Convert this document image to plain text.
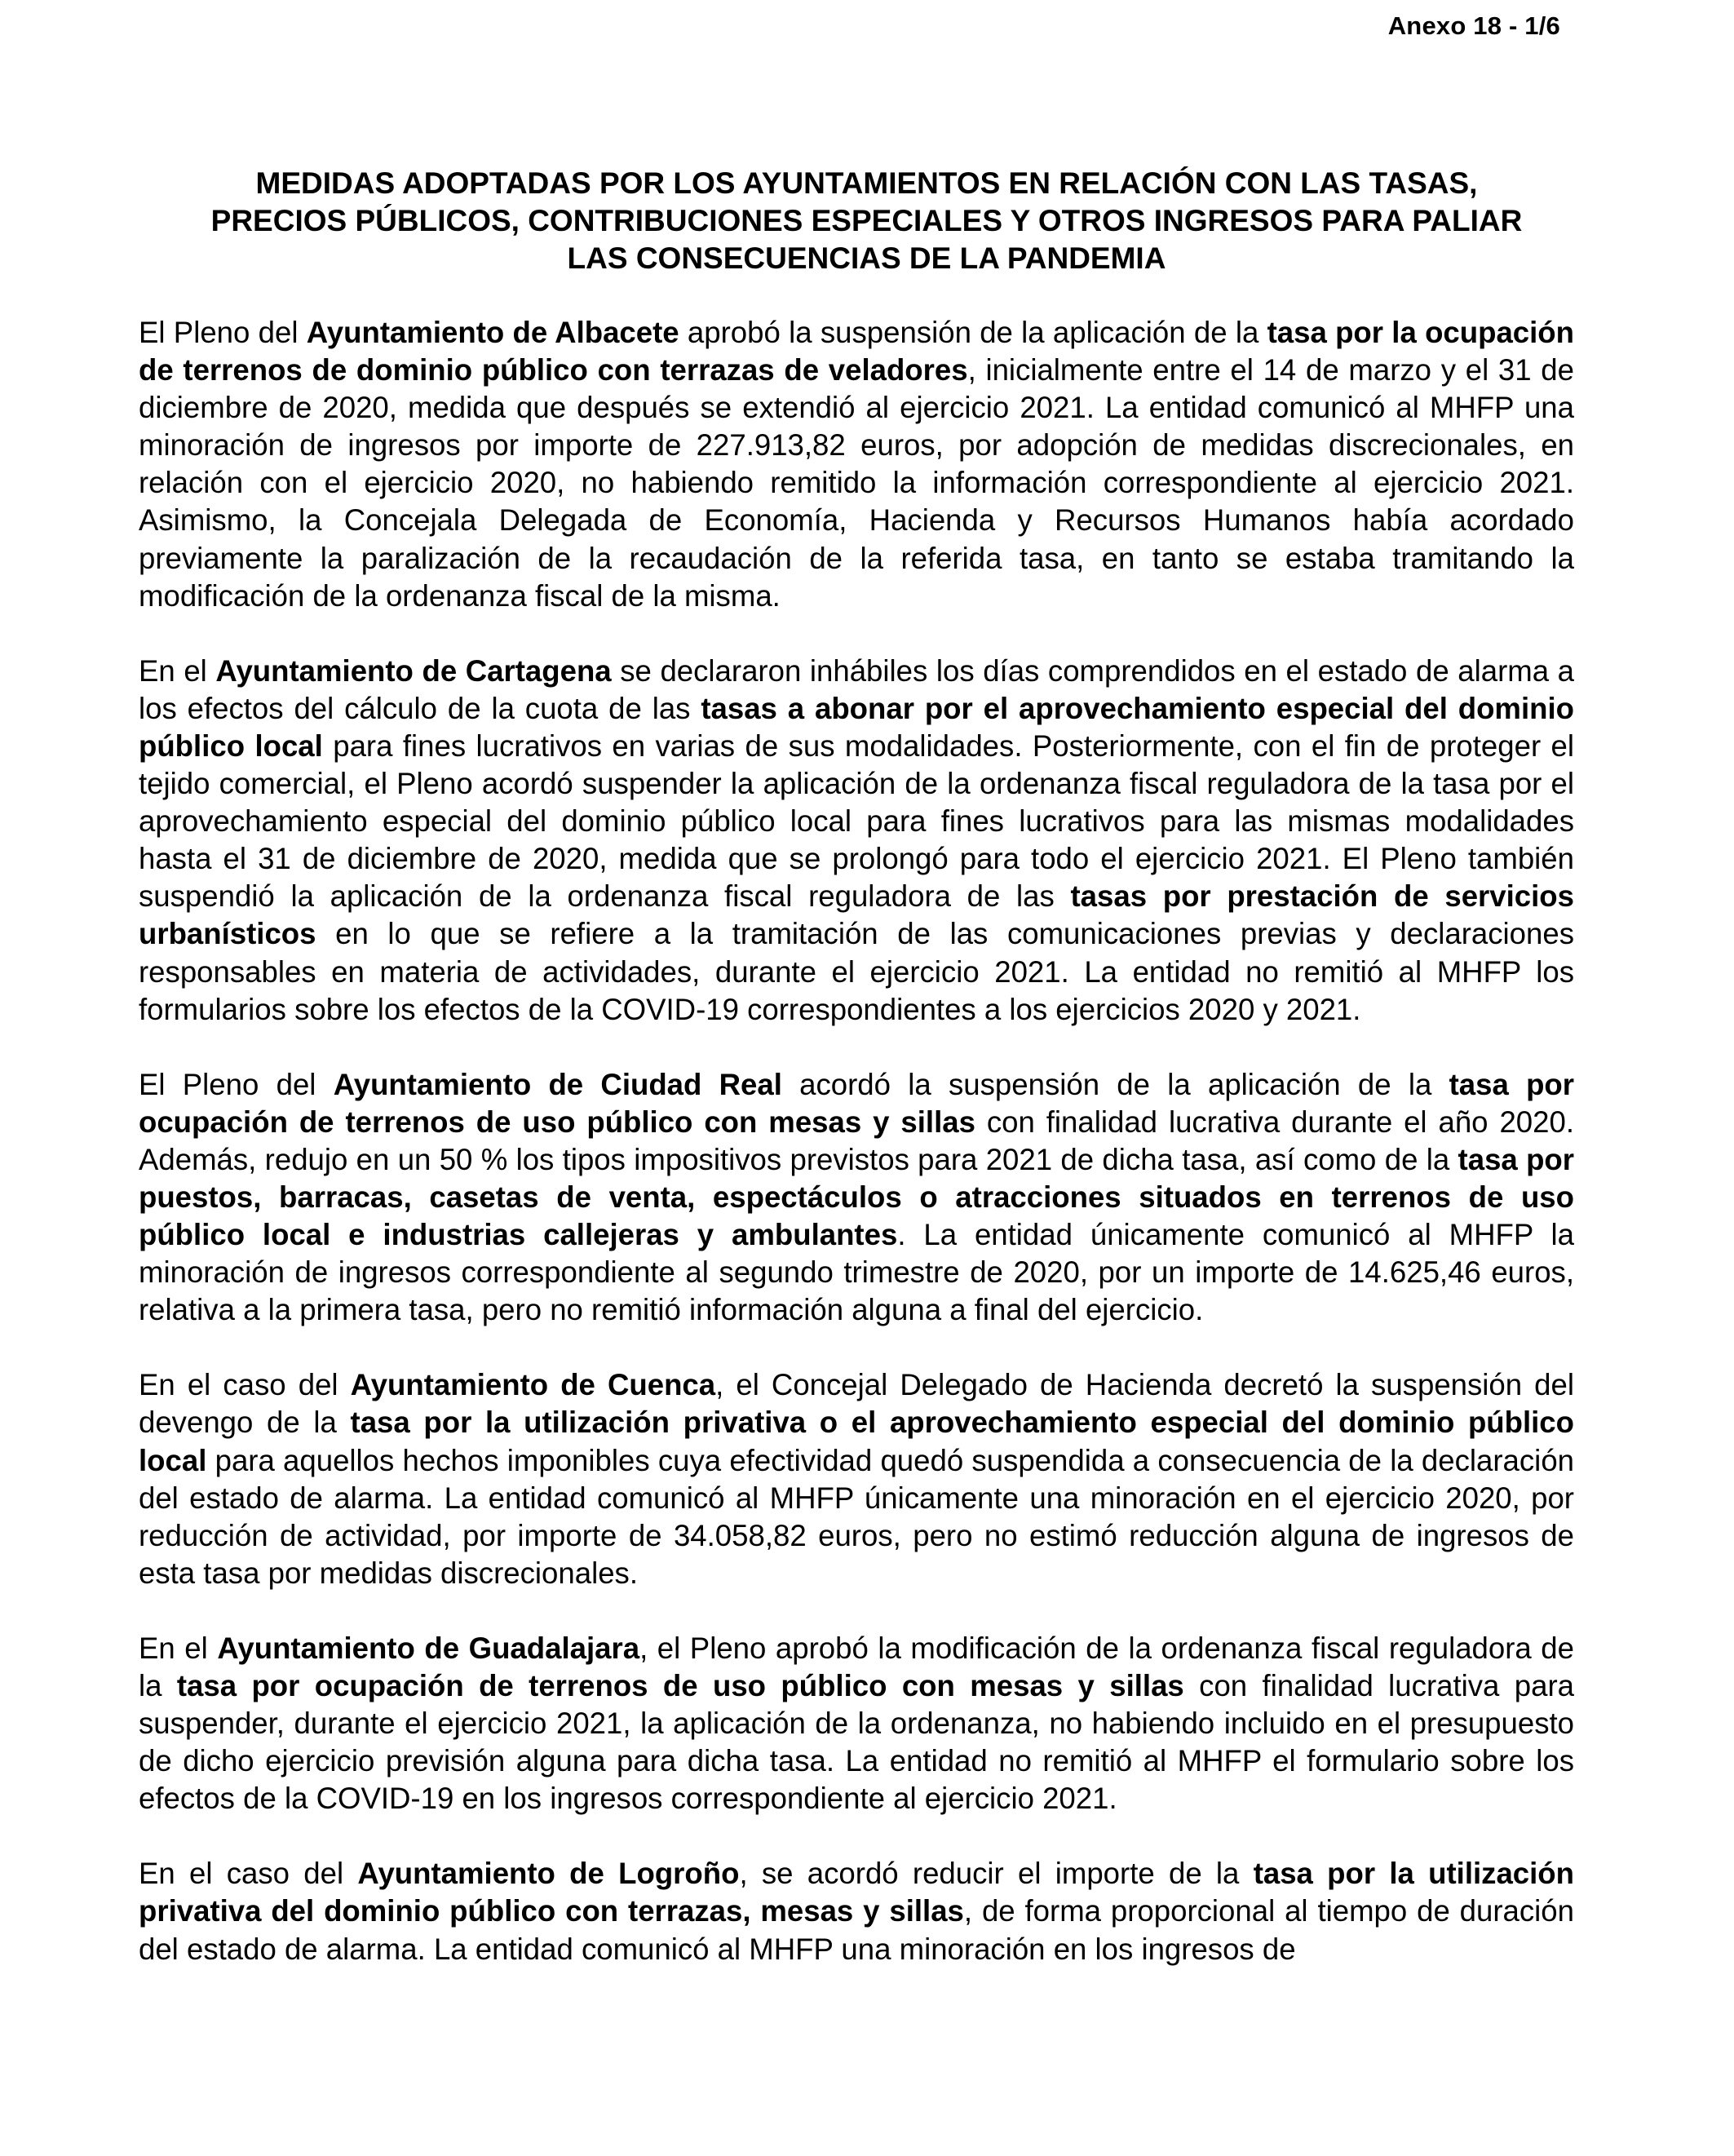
Anexo 18 - 1/6
MEDIDAS ADOPTADAS POR LOS AYUNTAMIENTOS EN RELACIÓN CON LAS TASAS,
PRECIOS PÚBLICOS, CONTRIBUCIONES ESPECIALES Y OTROS INGRESOS PARA PALIAR
LAS CONSECUENCIAS DE LA PANDEMIA

El Pleno del Ayuntamiento de Albacete aprobó la suspensión de la aplicación de la tasa por la ocupación de terrenos de dominio público con terrazas de veladores, inicialmente entre el 14 de marzo y el 31 de diciembre de 2020, medida que después se extendió al ejercicio 2021. La entidad comunicó al MHFP una minoración de ingresos por importe de 227.913,82 euros, por adopción de medidas discrecionales, en relación con el ejercicio 2020, no habiendo remitido la información correspondiente al ejercicio 2021. Asimismo, la Concejala Delegada de Economía, Hacienda y Recursos Humanos había acordado previamente la paralización de la recaudación de la referida tasa, en tanto se estaba tramitando la modificación de la ordenanza fiscal de la misma.

En el Ayuntamiento de Cartagena se declararon inhábiles los días comprendidos en el estado de alarma a los efectos del cálculo de la cuota de las tasas a abonar por el aprovechamiento especial del dominio público local para fines lucrativos en varias de sus modalidades. Posteriormente, con el fin de proteger el tejido comercial, el Pleno acordó suspender la aplicación de la ordenanza fiscal reguladora de la tasa por el aprovechamiento especial del dominio público local para fines lucrativos para las mismas modalidades hasta el 31 de diciembre de 2020, medida que se prolongó para todo el ejercicio 2021. El Pleno también suspendió la aplicación de la ordenanza fiscal reguladora de las tasas por prestación de servicios urbanísticos en lo que se refiere a la tramitación de las comunicaciones previas y declaraciones responsables en materia de actividades, durante el ejercicio 2021. La entidad no remitió al MHFP los formularios sobre los efectos de la COVID-19 correspondientes a los ejercicios 2020 y 2021.

El Pleno del Ayuntamiento de Ciudad Real acordó la suspensión de la aplicación de la tasa por ocupación de terrenos de uso público con mesas y sillas con finalidad lucrativa durante el año 2020. Además, redujo en un 50 % los tipos impositivos previstos para 2021 de dicha tasa, así como de la tasa por puestos, barracas, casetas de venta, espectáculos o atracciones situados en terrenos de uso público local e industrias callejeras y ambulantes. La entidad únicamente comunicó al MHFP la minoración de ingresos correspondiente al segundo trimestre de 2020, por un importe de 14.625,46 euros, relativa a la primera tasa, pero no remitió información alguna a final del ejercicio.

En el caso del Ayuntamiento de Cuenca, el Concejal Delegado de Hacienda decretó la suspensión del devengo de la tasa por la utilización privativa o el aprovechamiento especial del dominio público local para aquellos hechos imponibles cuya efectividad quedó suspendida a consecuencia de la declaración del estado de alarma. La entidad comunicó al MHFP únicamente una minoración en el ejercicio 2020, por reducción de actividad, por importe de 34.058,82 euros, pero no estimó reducción alguna de ingresos de esta tasa por medidas discrecionales.

En el Ayuntamiento de Guadalajara, el Pleno aprobó la modificación de la ordenanza fiscal reguladora de la tasa por ocupación de terrenos de uso público con mesas y sillas con finalidad lucrativa para suspender, durante el ejercicio 2021, la aplicación de la ordenanza, no habiendo incluido en el presupuesto de dicho ejercicio previsión alguna para dicha tasa. La entidad no remitió al MHFP el formulario sobre los efectos de la COVID-19 en los ingresos correspondiente al ejercicio 2021.

En el caso del Ayuntamiento de Logroño, se acordó reducir el importe de la tasa por la utilización privativa del dominio público con terrazas, mesas y sillas, de forma proporcional al tiempo de duración del estado de alarma. La entidad comunicó al MHFP una minoración en los ingresos de
